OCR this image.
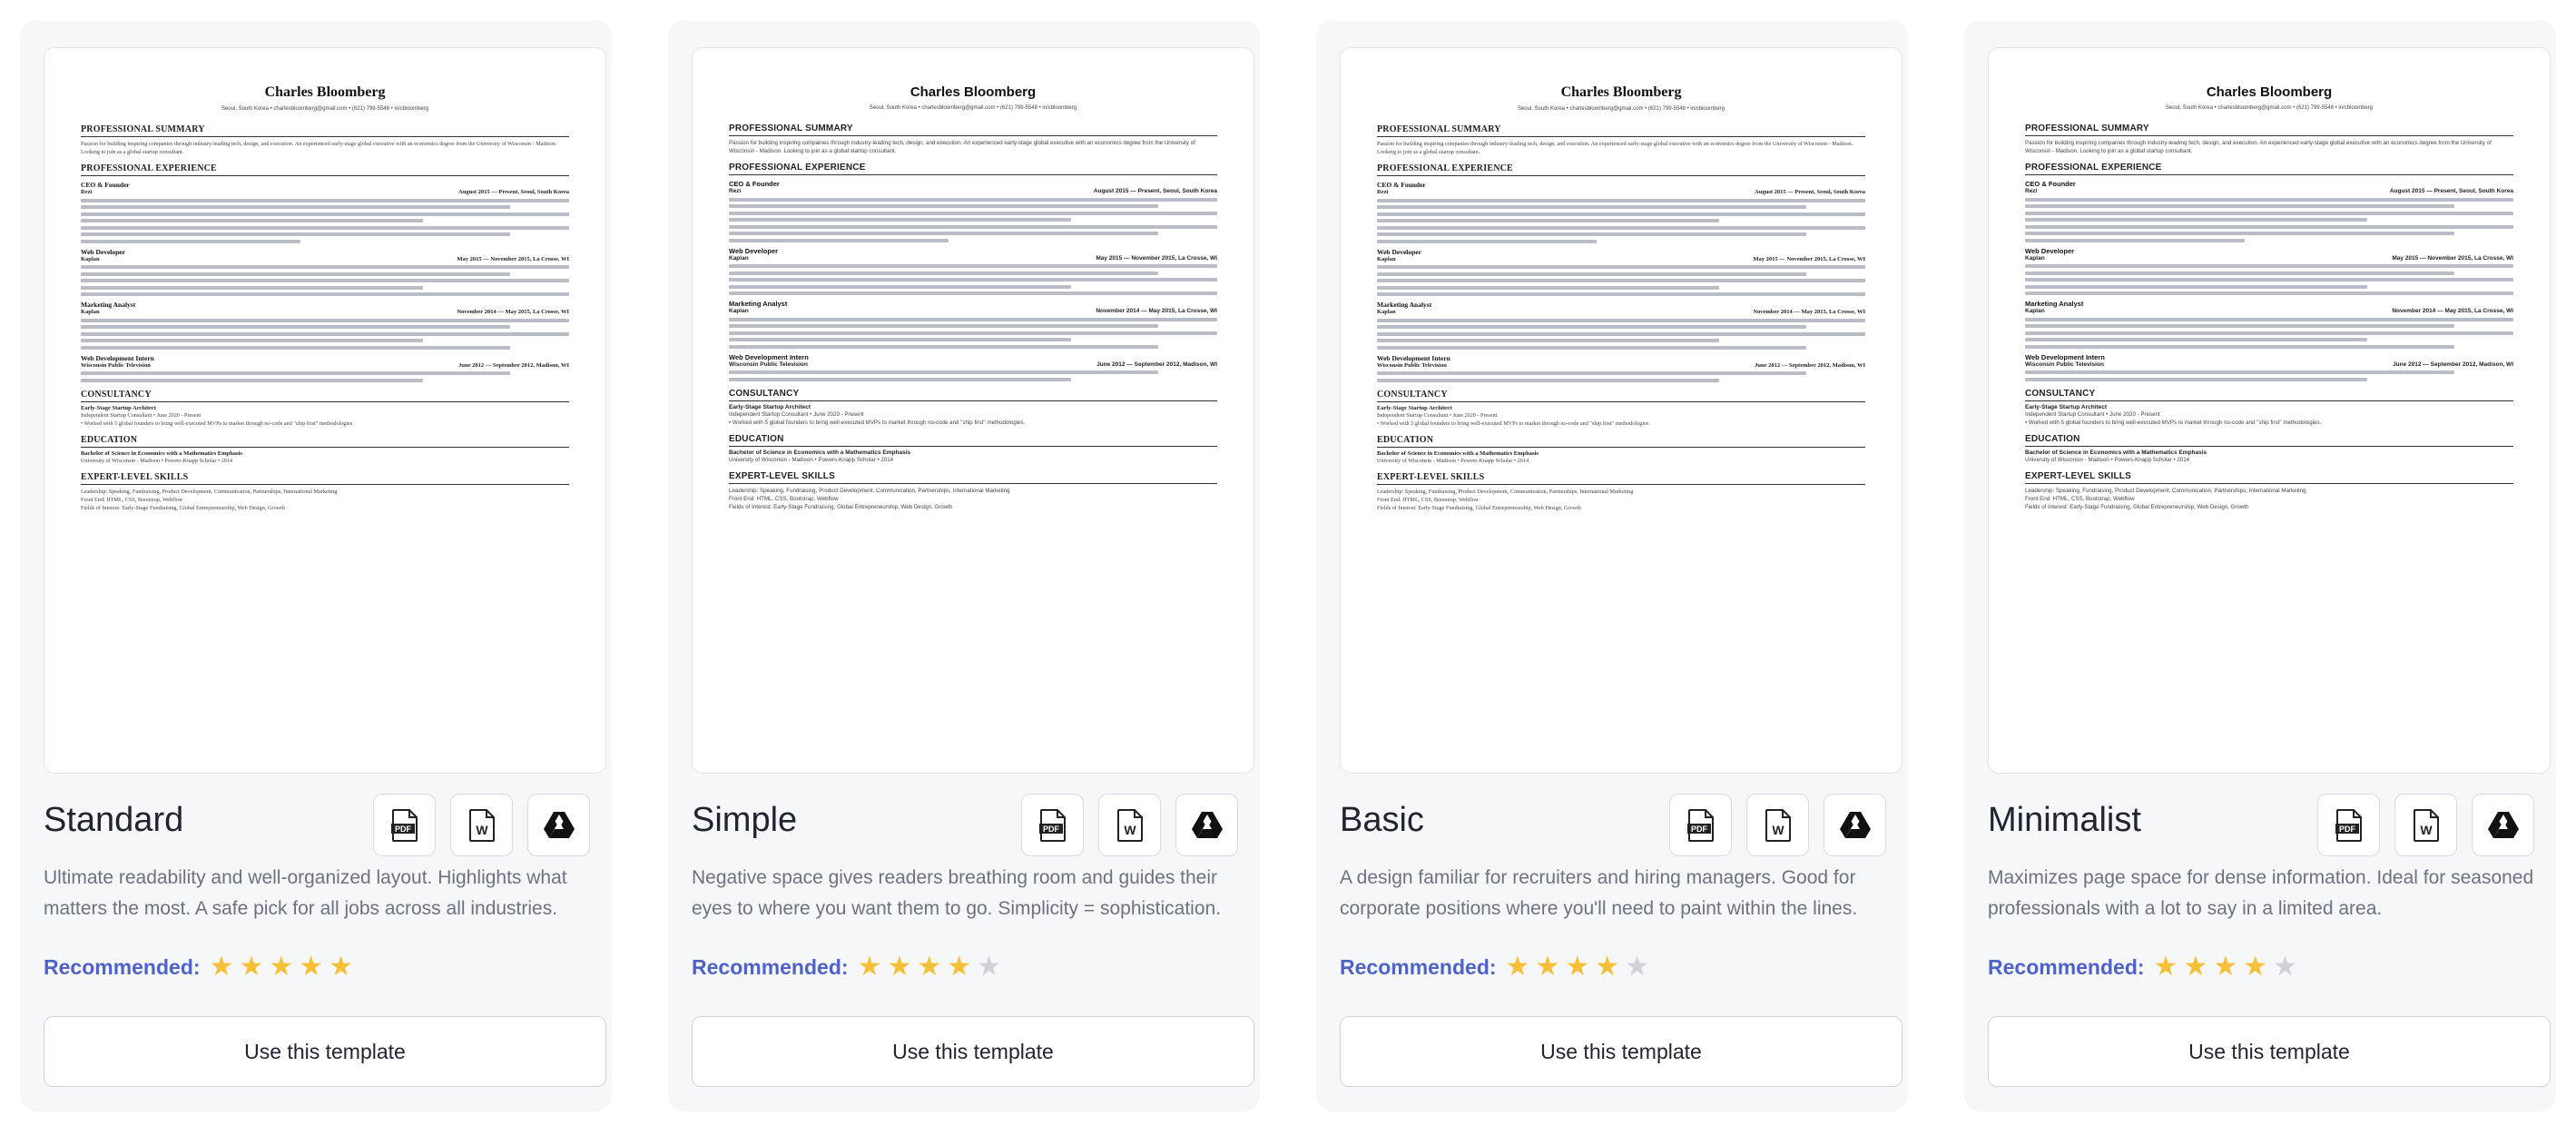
Charles Bloomberg
Seoul, South Korea • charlesbloomberg@gmail.com • (621) 799-5548 • in/cbloomberg
PROFESSIONAL SUMMARY
Passion for building inspiring companies through industry-leading tech, design, and execution. An experienced early-stage global executive with an economics degree from the University of Wisconsin - Madison. Looking to join as a global startup consultant.
PROFESSIONAL EXPERIENCE
CEO & Founder
Rezi	August 2015 — Present, Seoul, South Korea
Web Developer
Kaplan	May 2015 — November 2015, La Crosse, WI
Marketing Analyst
Kaplan	November 2014 — May 2015, La Crosse, WI
Web Development Intern
Wisconsin Public Television	June 2012 — September 2012, Madison, WI
CONSULTANCY
Early-Stage Startup Architect
Independent Startup Consultant • June 2020 - Present
• Worked with 5 global founders to bring well-executed MVPs to market through no-code and "ship first" methodologies.
EDUCATION
Bachelor of Science in Economics with a Mathematics Emphasis
University of Wisconsin - Madison • Powers-Knapp Scholar • 2014
EXPERT-LEVEL SKILLS
Leadership: Speaking, Fundraising, Product Development, Communication, Partnerships, International Marketing
Front End: HTML, CSS, Bootstrap, Webflow
Fields of Interest: Early-Stage Fundraising, Global Entrepreneurship, Web Design, Growth
Standard	PDF	W
Ultimate readability and well-organized layout. Highlights what matters the most. A safe pick for all jobs across all industries.
Recommended: ★ ★ ★ ★ ★
Use this template
Charles Bloomberg
Seoul, South Korea • charlesbloomberg@gmail.com • (621) 799-5548 • in/cbloomberg
PROFESSIONAL SUMMARY
Passion for building inspiring companies through industry-leading tech, design, and execution. An experienced early-stage global executive with an economics degree from the University of Wisconsin - Madison. Looking to join as a global startup consultant.
PROFESSIONAL EXPERIENCE
CEO & Founder
Rezi	August 2015 — Present, Seoul, South Korea
Web Developer
Kaplan	May 2015 — November 2015, La Crosse, WI
Marketing Analyst
Kaplan	November 2014 — May 2015, La Crosse, WI
Web Development Intern
Wisconsin Public Television	June 2012 — September 2012, Madison, WI
CONSULTANCY
Early-Stage Startup Architect
Independent Startup Consultant • June 2020 - Present
• Worked with 5 global founders to bring well-executed MVPs to market through no-code and "ship first" methodologies.
EDUCATION
Bachelor of Science in Economics with a Mathematics Emphasis
University of Wisconsin - Madison • Powers-Knapp Scholar • 2014
EXPERT-LEVEL SKILLS
Leadership: Speaking, Fundraising, Product Development, Communication, Partnerships, International Marketing
Front End: HTML, CSS, Bootstrap, Webflow
Fields of Interest: Early-Stage Fundraising, Global Entrepreneurship, Web Design, Growth
Simple	PDF	W
Negative space gives readers breathing room and guides their eyes to where you want them to go. Simplicity = sophistication.
Recommended: ★ ★ ★ ★ ★
Use this template
Charles Bloomberg
Seoul, South Korea • charlesbloomberg@gmail.com • (621) 799-5548 • in/cbloomberg
PROFESSIONAL SUMMARY
Passion for building inspiring companies through industry-leading tech, design, and execution. An experienced early-stage global executive with an economics degree from the University of Wisconsin - Madison. Looking to join as a global startup consultant.
PROFESSIONAL EXPERIENCE
CEO & Founder
Rezi	August 2015 — Present, Seoul, South Korea
Web Developer
Kaplan	May 2015 — November 2015, La Crosse, WI
Marketing Analyst
Kaplan	November 2014 — May 2015, La Crosse, WI
Web Development Intern
Wisconsin Public Television	June 2012 — September 2012, Madison, WI
CONSULTANCY
Early-Stage Startup Architect
Independent Startup Consultant • June 2020 - Present
• Worked with 5 global founders to bring well-executed MVPs to market through no-code and "ship first" methodologies.
EDUCATION
Bachelor of Science in Economics with a Mathematics Emphasis
University of Wisconsin - Madison • Powers-Knapp Scholar • 2014
EXPERT-LEVEL SKILLS
Leadership: Speaking, Fundraising, Product Development, Communication, Partnerships, International Marketing
Front End: HTML, CSS, Bootstrap, Webflow
Fields of Interest: Early-Stage Fundraising, Global Entrepreneurship, Web Design, Growth
Basic	PDF	W
A design familiar for recruiters and hiring managers. Good for corporate positions where you'll need to paint within the lines.
Recommended: ★ ★ ★ ★ ★
Use this template
Charles Bloomberg
Seoul, South Korea • charlesbloomberg@gmail.com • (621) 799-5548 • in/cbloomberg
PROFESSIONAL SUMMARY
Passion for building inspiring companies through industry-leading tech, design, and execution. An experienced early-stage global executive with an economics degree from the University of Wisconsin - Madison. Looking to join as a global startup consultant.
PROFESSIONAL EXPERIENCE
CEO & Founder
Rezi	August 2015 — Present, Seoul, South Korea
Web Developer
Kaplan	May 2015 — November 2015, La Crosse, WI
Marketing Analyst
Kaplan	November 2014 — May 2015, La Crosse, WI
Web Development Intern
Wisconsin Public Television	June 2012 — September 2012, Madison, WI
CONSULTANCY
Early-Stage Startup Architect
Independent Startup Consultant • June 2020 - Present
• Worked with 5 global founders to bring well-executed MVPs to market through no-code and "ship first" methodologies.
EDUCATION
Bachelor of Science in Economics with a Mathematics Emphasis
University of Wisconsin - Madison • Powers-Knapp Scholar • 2014
EXPERT-LEVEL SKILLS
Leadership: Speaking, Fundraising, Product Development, Communication, Partnerships, International Marketing
Front End: HTML, CSS, Bootstrap, Webflow
Fields of Interest: Early-Stage Fundraising, Global Entrepreneurship, Web Design, Growth
Minimalist	PDF	W
Maximizes page space for dense information. Ideal for seasoned professionals with a lot to say in a limited area.
Recommended: ★ ★ ★ ★ ★
Use this template
